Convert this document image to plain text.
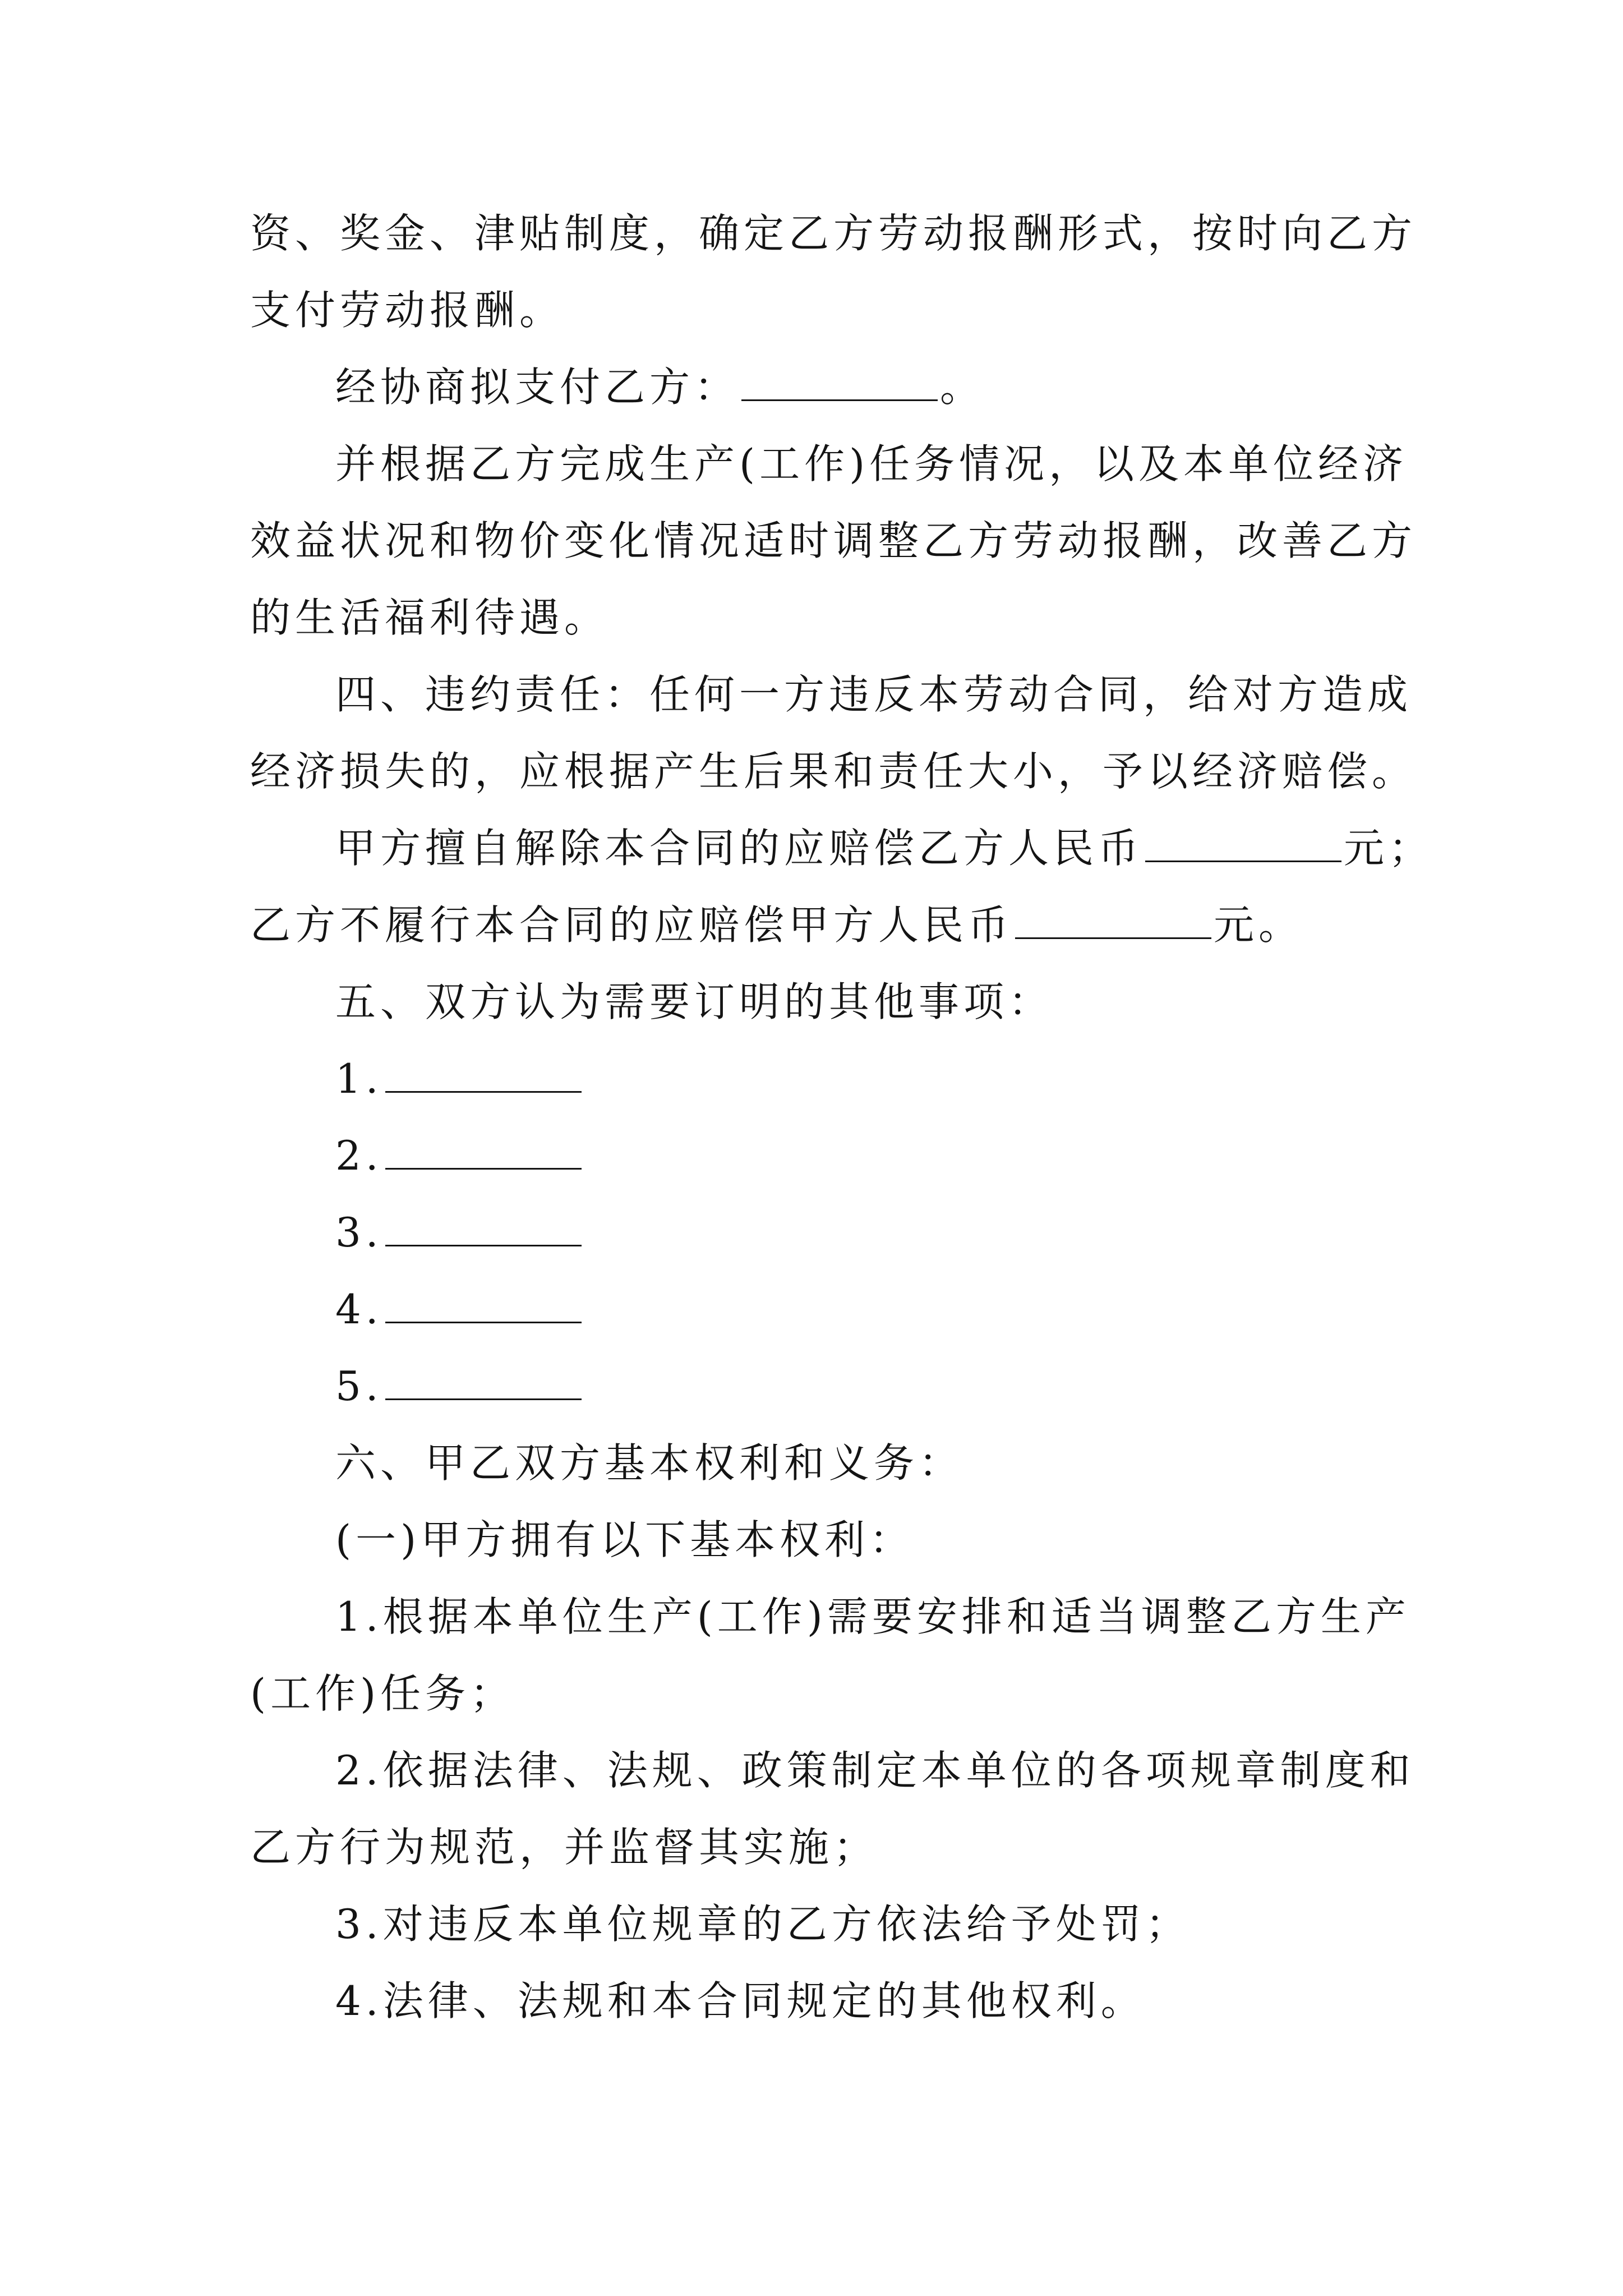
资、奖金、津贴制度，确定乙方劳动报酬形式，按时向乙方
支付劳动报酬。
经协商拟支付乙方：	。
并根据乙方完成生产(工作)任务情况，以及本单位经济
效益状况和物价变化情况适时调整乙方劳动报酬，改善乙方
的生活福利待遇。
四、违约责任：任何一方违反本劳动合同，给对方造成
经济损失的，应根据产生后果和责任大小，予以经济赔偿。
甲方擅自解除本合同的应赔偿乙方人民币	元；
乙方不履行本合同的应赔偿甲方人民币	元。
五、双方认为需要订明的其他事项：
1.
2.
3.
4.
5.
六、甲乙双方基本权利和义务：
(一)甲方拥有以下基本权利：
1.根据本单位生产(工作)需要安排和适当调整乙方生产
(工作)任务；
2.依据法律、法规、政策制定本单位的各项规章制度和
乙方行为规范，并监督其实施；
3.对违反本单位规章的乙方依法给予处罚；
4.法律、法规和本合同规定的其他权利。
